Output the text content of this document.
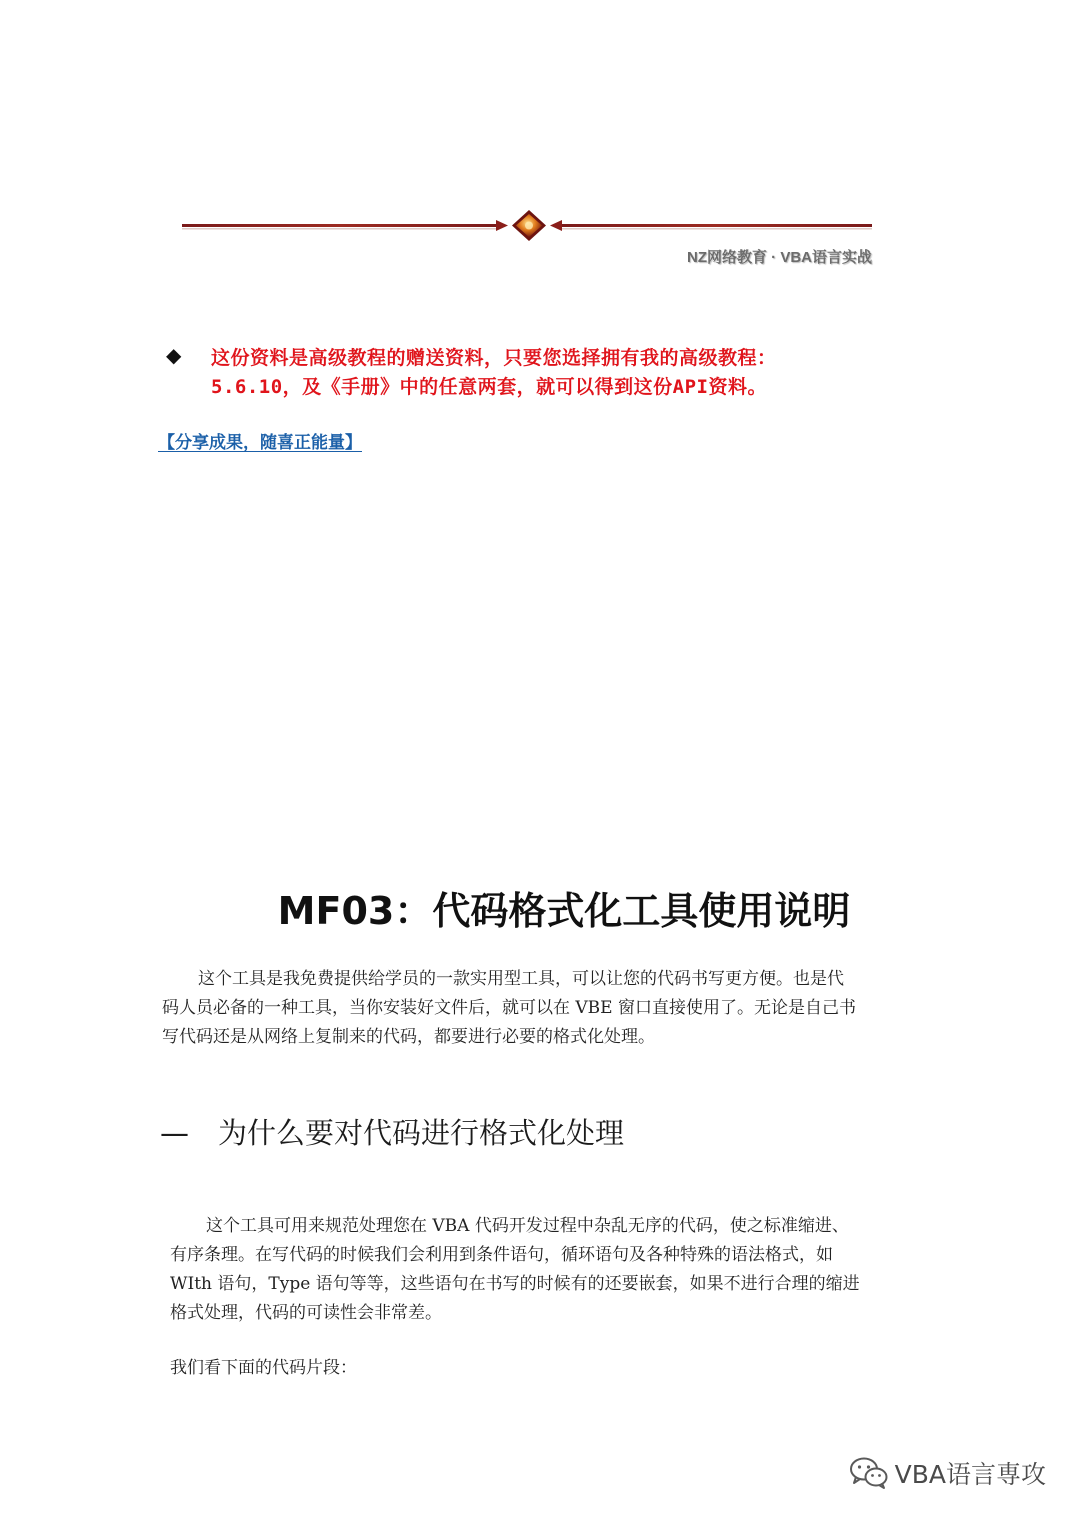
NZ网络教育 · VBA语言实战
◆ 这份资料是高级教程的赠送资料，只要您选择拥有我的高级教程：
5.6.10，及《手册》中的任意两套，就可以得到这份API资料。
【分享成果，随喜正能量】
MF03：代码格式化工具使用说明
这个工具是我免费提供给学员的一款实用型工具，可以让您的代码书写更方便。也是代
码人员必备的一种工具，当你安装好文件后，就可以在 VBE 窗口直接使用了。无论是自己书
写代码还是从网络上复制来的代码，都要进行必要的格式化处理。
— 为什么要对代码进行格式化处理
这个工具可用来规范处理您在 VBA 代码开发过程中杂乱无序的代码，使之标准缩进、
有序条理。在写代码的时候我们会利用到条件语句，循环语句及各种特殊的语法格式，如
WIth 语句，Type 语句等等，这些语句在书写的时候有的还要嵌套，如果不进行合理的缩进
格式处理，代码的可读性会非常差。
我们看下面的代码片段：
VBA语言専攻
